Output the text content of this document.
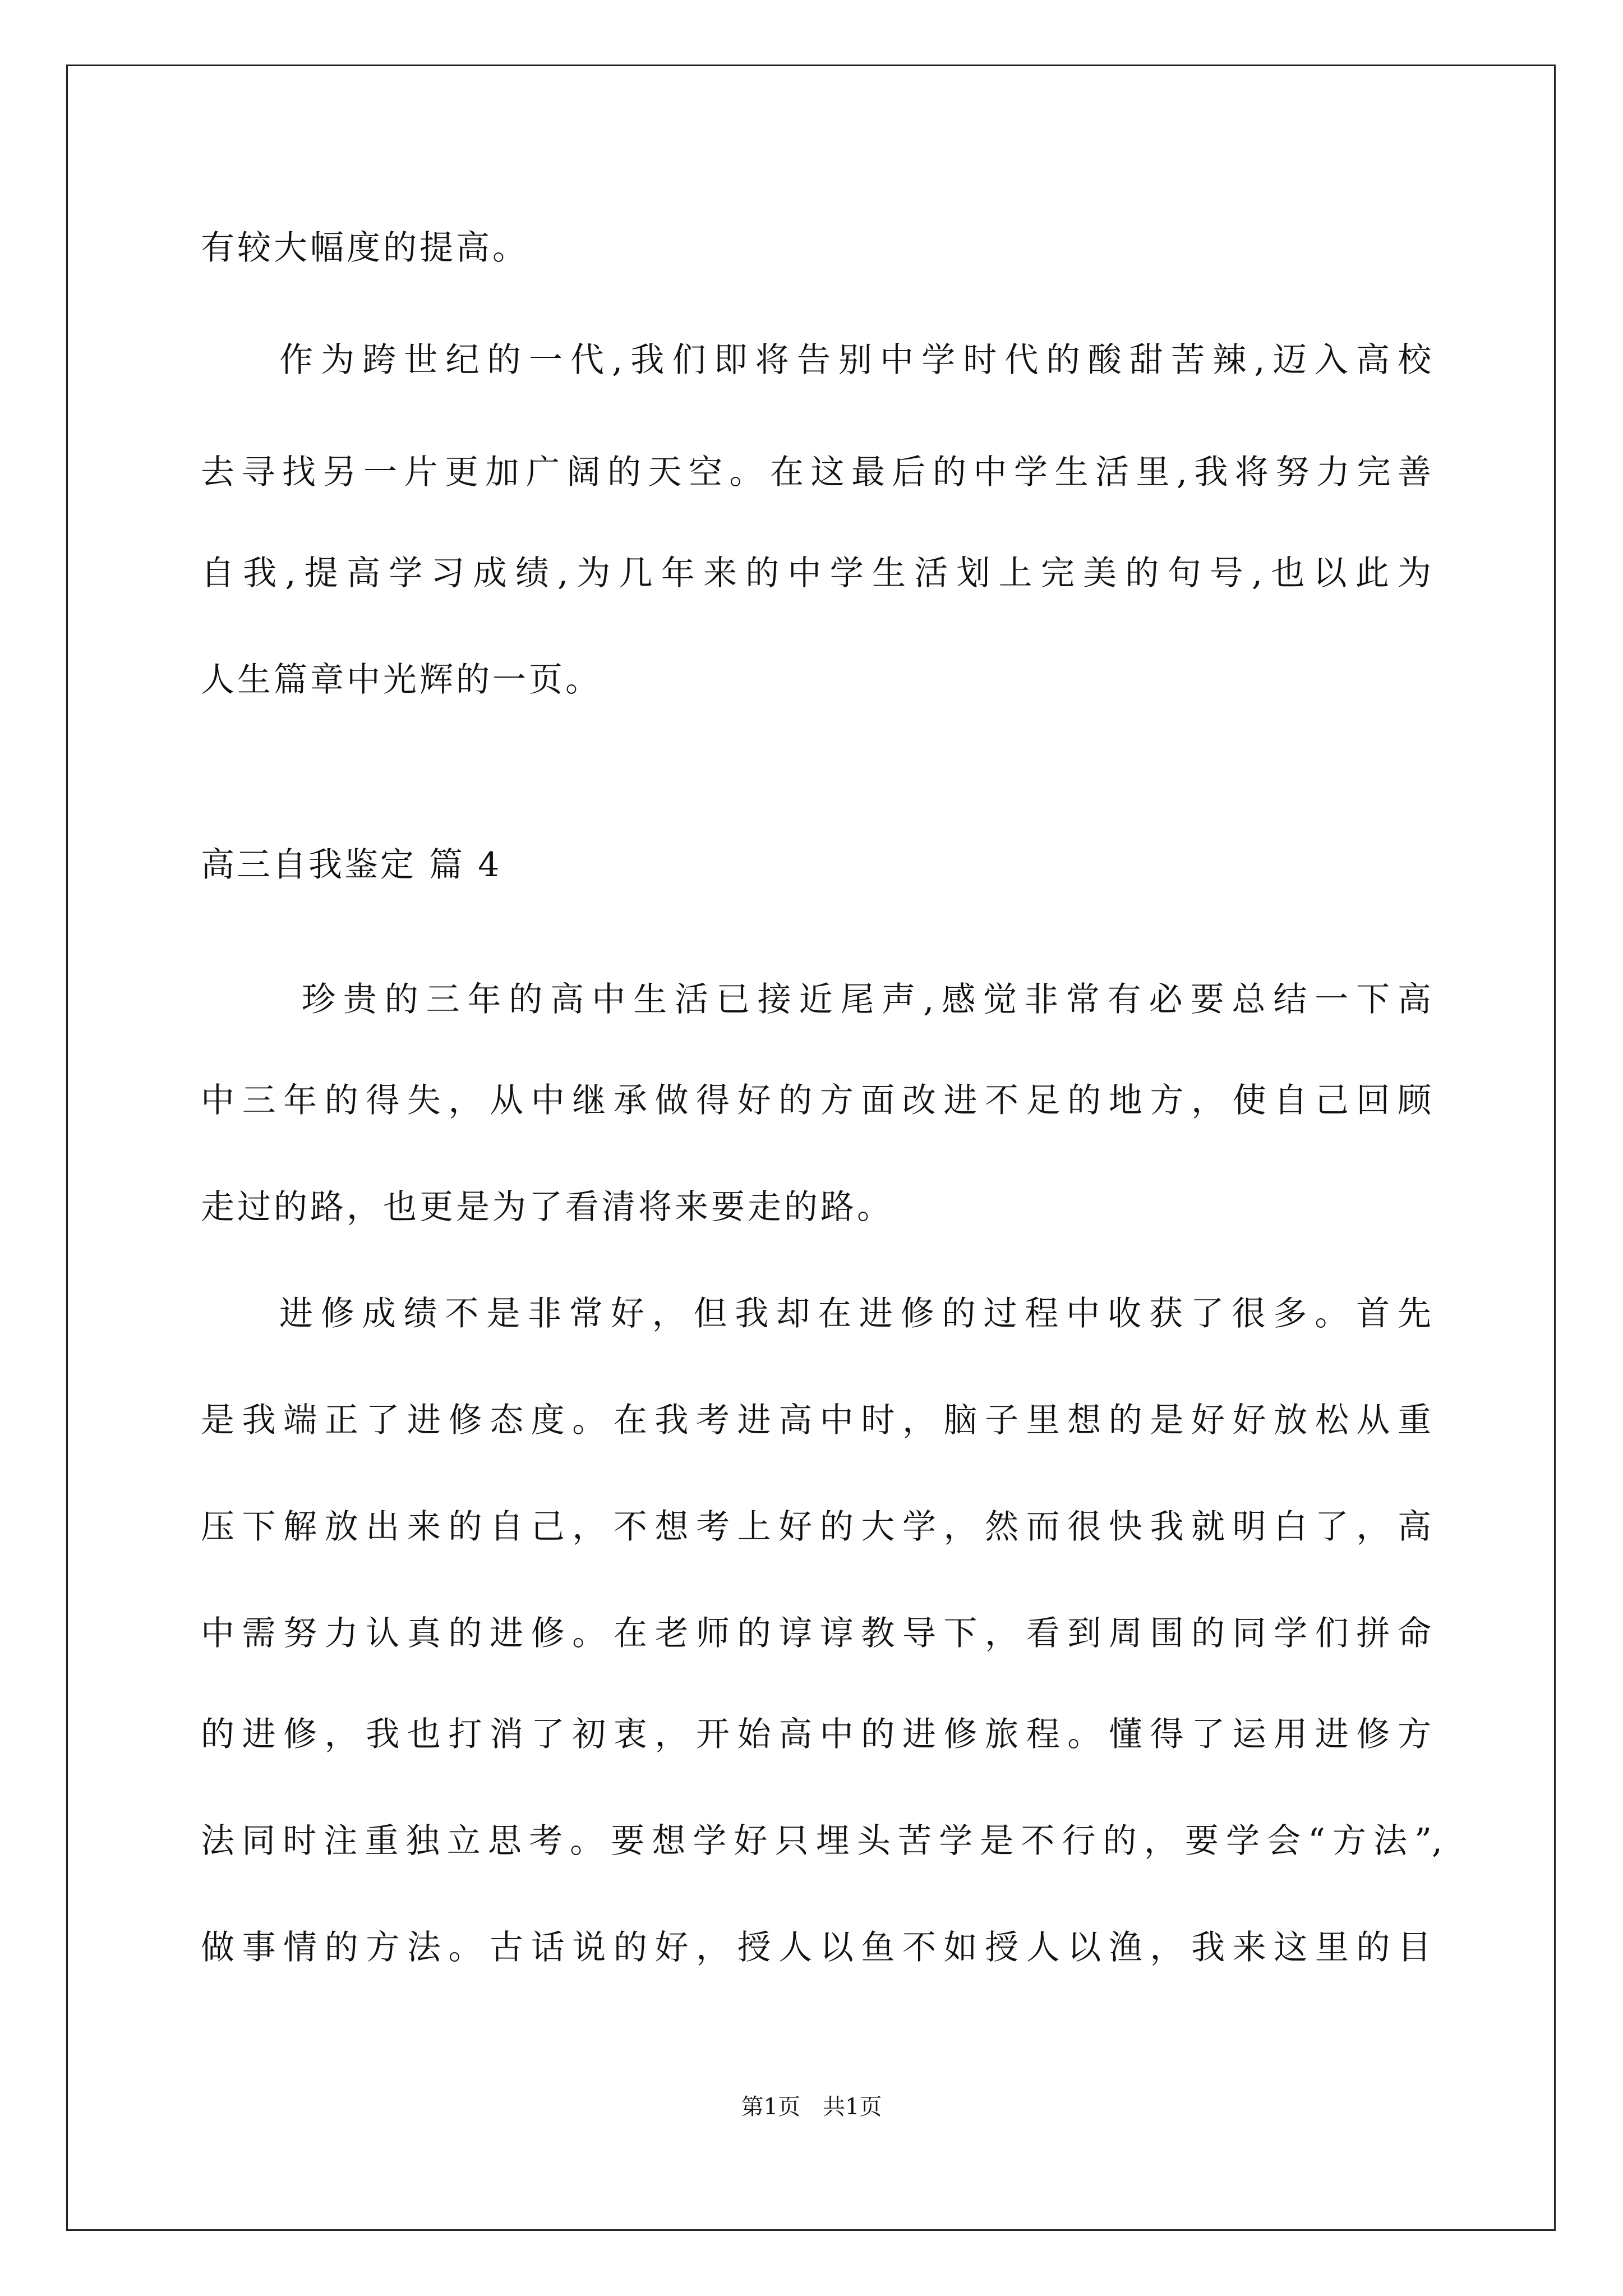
有较大幅度的提高。

作为跨世纪的一代,我们即将告别中学时代的酸甜苦辣,迈入高校

去寻找另一片更加广阔的天空。在这最后的中学生活里,我将努力完善

自我,提高学习成绩,为几年来的中学生活划上完美的句号,也以此为

人生篇章中光辉的一页。

高三自我鉴定 篇 4

珍贵的三年的高中生活已接近尾声,感觉非常有必要总结一下高

中三年的得失，从中继承做得好的方面改进不足的地方，使自己回顾

走过的路，也更是为了看清将来要走的路。

进修成绩不是非常好，但我却在进修的过程中收获了很多。首先

是我端正了进修态度。在我考进高中时，脑子里想的是好好放松从重

压下解放出来的自己，不想考上好的大学，然而很快我就明白了，高

中需努力认真的进修。在老师的谆谆教导下，看到周围的同学们拼命

的进修，我也打消了初衷，开始高中的进修旅程。懂得了运用进修方

法同时注重独立思考。要想学好只埋头苦学是不行的，要学会“方法”,

做事情的方法。古话说的好，授人以鱼不如授人以渔，我来这里的目

第1页　共1页
